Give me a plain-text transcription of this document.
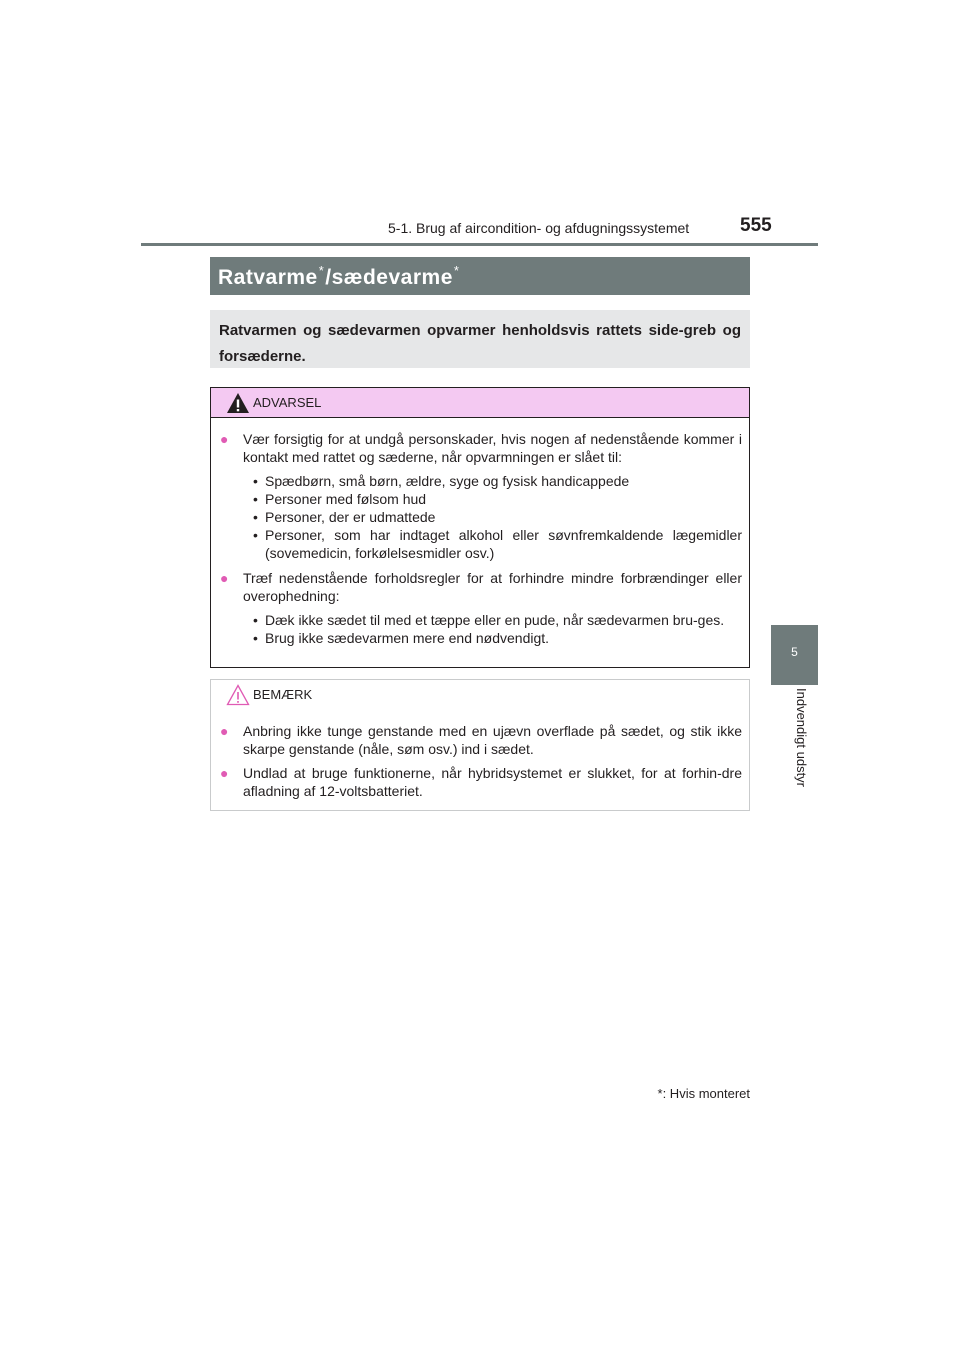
5-1. Brug af aircondition- og afdugningssystemet	555
5
Indvendigt udstyr
Ratvarme*/sædevarme*
Ratvarmen og sædevarmen opvarmer henholdsvis rattets side-greb og forsæderne.
ADVARSEL
● Vær forsigtig for at undgå personskader, hvis nogen af nedenstående kommer i kontakt med rattet og sæderne, når opvarmningen er slået til:
• Spædbørn, små børn, ældre, syge og fysisk handicappede
• Personer med følsom hud
• Personer, der er udmattede
• Personer, som har indtaget alkohol eller søvnfremkaldende lægemidler (sovemedicin, forkølelsesmidler osv.)
● Træf nedenstående forholdsregler for at forhindre mindre forbrændinger eller overophedning:
• Dæk ikke sædet til med et tæppe eller en pude, når sædevarmen bru-ges.
• Brug ikke sædevarmen mere end nødvendigt.
BEMÆRK
● Anbring ikke tunge genstande med en ujævn overflade på sædet, og stik ikke skarpe genstande (nåle, søm osv.) ind i sædet.
● Undlad at bruge funktionerne, når hybridsystemet er slukket, for at forhin-dre afladning af 12-voltsbatteriet.
*: Hvis monteret
